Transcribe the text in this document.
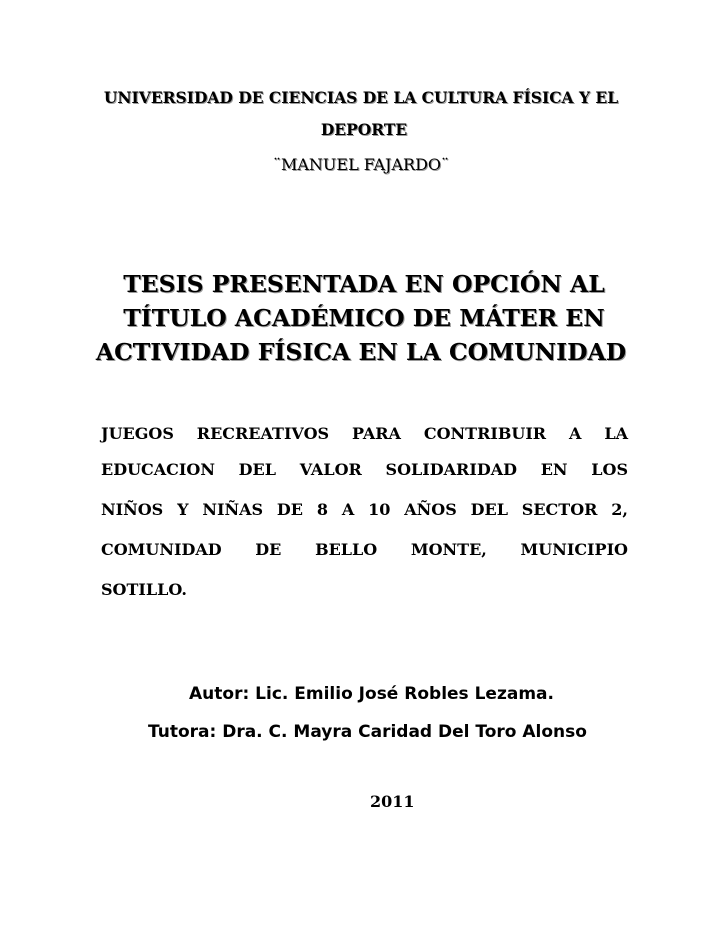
UNIVERSIDAD DE CIENCIAS DE LA CULTURA FÍSICA Y EL
DEPORTE
¨MANUEL FAJARDO¨
TESIS PRESENTADA EN OPCIÓN AL
TÍTULO ACADÉMICO DE MÁTER EN
ACTIVIDAD FÍSICA EN LA COMUNIDAD
JUEGOS RECREATIVOS PARA CONTRIBUIR A LA
EDUCACION DEL VALOR SOLIDARIDAD EN LOS
NIÑOS Y NIÑAS DE 8 A 10 AÑOS DEL SECTOR 2,
COMUNIDAD DE BELLO MONTE, MUNICIPIO
SOTILLO.
Autor: Lic. Emilio José Robles Lezama.
Tutora: Dra. C. Mayra Caridad Del Toro Alonso
2011
